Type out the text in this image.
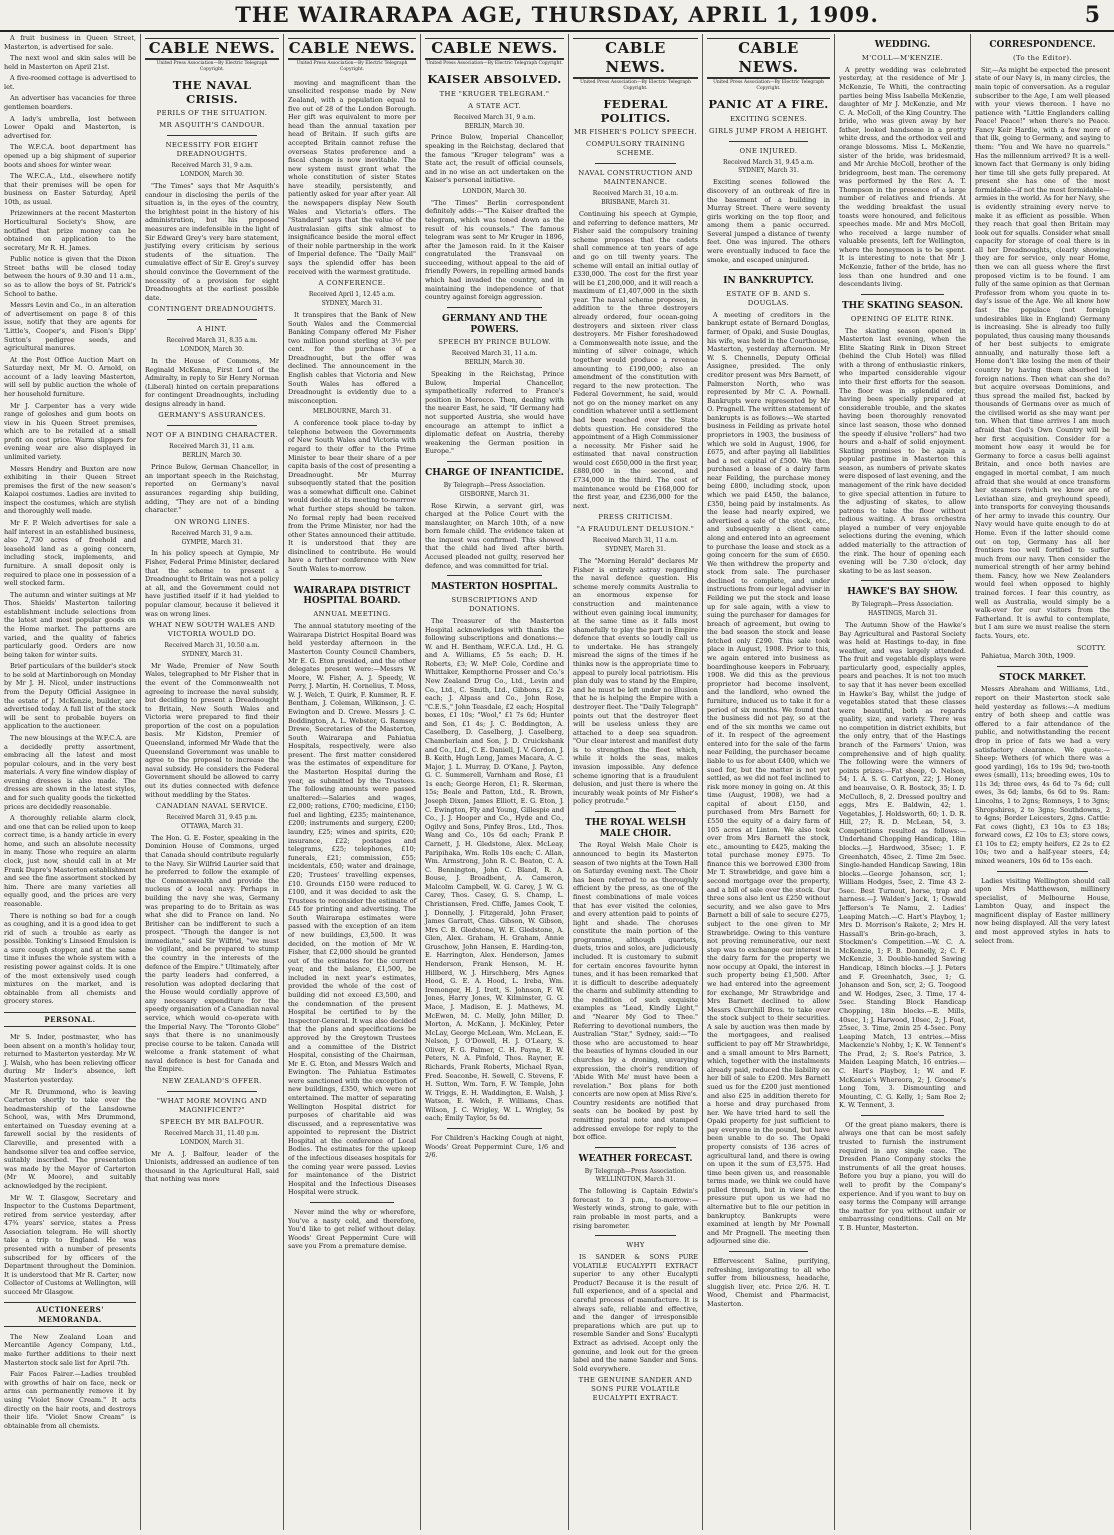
THE WAIRARAPA AGE, THURSDAY, APRIL 1, 1909.	5

A fruit business in Queen Street, Masterton, is advertised for sale.

The next wool and skin sales will be held in Masterton on April 21st.

A five-roomed cottage is advertised to let.

An advertiser has vacancies for three gentlemen boarders.

A lady's umbrella, lost between Lower Opaki and Masterton, is advertised for.

The W.F.C.A. boot department has opened up a big shipment of superior boots and shoes for winter wear.

The W.F.C.A., Ltd., elsewhere notify that their premises will be open for business on Easter Saturday, April 10th, as usual.

Prizewinners at the recent Masterton Horticultural Society's Show, are notified that prize money can be obtained on application to the secretary, Mr R. H. James.

Public notice is given that the Dixon Street baths will be closed today between the hours of 9.30 and 11 a.m., so as to allow the boys of St. Patrick's School to bathe.

Messrs Levin and Co., in an alteration of advertisement on page 8 of this issue, notify that they are agents for 'Little's, Cooper's, and Fison's Dipp' Sutton's pedigree seeds, and agricultural manures.

At the Post Office Auction Mart on Saturday next, Mr M. O. Arnold, on account of a lady leaving Masterton, will sell by public auction the whole of her household furniture.

Mr J. Carpenter has a very wide range of goloshes and gum boots on view in his Queen Street premises, which are to be retailed at a small profit on cost price. Warm slippers for evening wear are also displayed in unlimited variety.

Messrs Hendry and Buxton are now exhibiting in their Queen Street premises the first of the new season's Kaiapoi costumes. Ladies are invited to inspect the costumes, which are stylish and thoroughly well made.

Mr F. P. Welch advertises for sale a half interest in an established business, also 2,730 acres of freehold and leasehold land as a going concern, including stock, implements, and furniture. A small deposit only is required to place one in possession of a well stocked farm.

The autumn and winter suitings at Mr Thos. Shields' Masterton tailoring establishment include selections from the latest and most popular goods on the Home market. The patterns are varied, and the quality of fabrics particularly good. Orders are now being taken for winter suits.

Brief particulars of the builder's stock to be sold at Martinborough on Monday by Mr J. H. Nicol, under instructions from the Deputy Official Assignee in the estate of J. McKenzie, builder, are advertised today. A full list of the stock will be sent to probable buyers on application to the auctioneer.

The new blousings at the W.F.C.A. are a decidedly pretty assortment, embracing all the latest and most popular colours, and in the very best materials. A very fine window display of evening dresses is also made. The dresses are shown in the latest styles, and for such quality goods the ticketted prices are decidedly reasonable.

A thoroughly reliable alarm clock, and one that can be relied upon to keep correct time, is a handy article in every home, and such an absolute necessity in many. Those who require an alarm clock, just now, should call in at Mr Frank Dupre's Masterton establishment and see the fine assortment stocked by him. There are many varieties all equally good, and the prices are very reasonable.

There is nothing so bad for a cough as coughing, and it is a good idea to get rid of such a trouble as early as possible. Tonking's Linseed Emulsion is a sure cough stopper, and at the same time it infuses the whole system with a resisting power against colds. It is one of the most extensively used cough mixtures on the market, and is obtainable from all chemists and grocery stores.

PERSONAL.

Mr S. Inder, postmaster, who has been absent on a month's holiday tour, returned to Masterton yesterday. Mr W. J. Walsh, who has been relieving officer during Mr Inder's absence, left Masterton yesterday.

Mr R. Drummond, who is leaving Carterton shortly to take over the headmastership of the Lansdowne School, was, with Mrs Drummond, entertained on Tuesday evening at a farewell social by the residents of Clareville, and presented with a handsome silver tea and coffee service, suitably inscribed. The presentation was made by the Mayor of Carterton (Mr W. Moore), and suitably acknowledged by the recipient.

Mr W. T. Glasgow, Secretary and Inspector to the Customs Department, retired from service yesterday, after 47¾ years' service, states a Press Association telegram. He will shortly take a trip to England. He was presented with a number of presents subscribed for by officers of the Department throughout the Dominion. It is understood that Mr R. Carter, now Collector of Customs at Wellington, will succeed Mr Glasgow.

AUCTIONEERS' MEMORANDA.

The New Zealand Loan and Mercantile Agency Company, Ltd., make further additions to their next Masterton stock sale list for April 7th.

Fair Faces Fairer.—Ladies troubled with growths of hair on face, neck or arms can permanently remove it by using "Violet Snow Cream." It acts directly on the hair roots, and destroys their life. "Violet Snow Cream" is obtainable from all chemists.

CABLE NEWS.
United Press Association—By Electric Telegraph Copyright.
THE NAVAL CRISIS.
PERILS OF THE SITUATION.
MR ASQUITH'S CANDOUR.
NECESSITY FOR EIGHT DREADNOUGHTS.
Received March 31, 9 a.m.
LONDON, March 30.

"The Times" says that Mr Asquith's candour in disclosing the perils of the situation is, in the eyes of the country, the brightest point in the history of his administration, but his proposed measures are indefensible in the light of Sir Edward Grey's very bare statement, justifying every criticism by serious students of the situation. The cumulative effect of Sir E. Grey's survey should convince the Government of the necessity of a provision for eight Dreadnoughts at the earliest possible date.

CONTINGENT DREADNOUGHTS.
A HINT.
Received March 31, 8.35 a.m.
LONDON, March 30.

In the House of Commons, Mr Reginald McKenna, First Lord of the Admiralty, in reply to Sir Henry Norman (Liberal) hinted on certain preparations for contingent Dreadnoughts, including designs already in hand.

GERMANY'S ASSURANCES.
NOT OF A BINDING CHARACTER.
Received March 31, 11 a.m.
BERLIN, March 30.

Prince Bulow, German Chancellor, in an important speech in the Reichstag, reported on Germany's naval assurances regarding ship building, adding, "They are not of a binding character."

ON WRONG LINES.
Received March 31, 9 a.m.
GYMPIE, March 31.

In his policy speech at Gympie, Mr Fisher, Federal Prime Minister, declared that the scheme to present a Dreadnought to Britain was not a policy at all, and the Government could not have justified itself if it had yielded to popular clamour, because it believed it was on wrong lines.

WHAT NEW SOUTH WALES AND VICTORIA WOULD DO.
Received March 31, 10.50 a.m.
SYDNEY, March 31.

Mr Wade, Premier of New South Wales, telegraphed to Mr Fisher that in the event of the Commonwealth not agreeing to increase the naval subsidy, but deciding to present a Dreadnought to Britain, New South Wales and Victoria were prepared to find their proportion of the cost on a population basis. Mr Kidston, Premier of Queensland, informed Mr Wade that the Queensland Government was unable to agree to the proposal to increase the naval subsidy. He considers the Federal Government should be allowed to carry out its duties connected with defence without meddling by the States.

CANADIAN NAVAL SERVICE.
Received March 31, 9.45 p.m.
OTTAWA, March 31.

The Hon. G. E. Foster, speaking in the Dominion House of Commons, urged that Canada should contribute regularly to the Navy. Sir Wilfrid Laurier said that he preferred to follow the example of the Commonwealth and provide the nucleus of a local navy. Perhaps in building the navy she was, Germany was preparing to do to Britain as was what she did to France on land. No Britisher can be indifferent to such a prospect. "Though the danger is not immediate," said Sir Wilfrid, "we must be vigilant, and be prepared to stump the country in the interests of the defence of the Empire." Ultimately, after the party leaders had conferred, a resolution was adopted declaring that the House would cordially approve of any necessary expenditure for the speedy organisation of a Canadian naval service, which would co-operate with the Imperial Navy. The "Toronto Globe" says that there is no unanimously precise course to be taken. Canada will welcome a frank statement of what naval defence is best for Canada and the Empire.

NEW ZEALAND'S OFFER.
"WHAT MORE MOVING AND MAGNIFICENT?"
SPEECH BY MR BALFOUR.
Received March 31, 11.40 p.m.
LONDON, March 31.

Mr A. J. Balfour, leader of the Unionists, addressed an audience of ten thousand in the Agricultural Hall, said that nothing was more

CABLE NEWS.
United Press Association—By Electric Telegraph Copyright.

moving and magnificent than the unsolicited response made by New Zealand, with a population equal to five out of 28 of the London Borough. Her gift was equivalent to more per head than the annual taxation per head of Britain. If such gifts are accepted Britain cannot refuse the overseas States preference and a fiscal change is now inevitable. The new system must grant what the whole constitution of sister States have steadily, persistently, and patiently asked for year after year. All the newspapers display New South Wales and Victoria's offers. The "Standard" says that the value of the Australasian gifts sink almost to insignificance beside the moral effect of their noble partnership in the work of Imperial defence. The "Daily Mail" says the splendid offer has been received with the warmest gratitude.

A CONFERENCE.
Received April 1, 12.45 a.m.
SYDNEY, March 31.

It transpires that the Bank of New South Wales and the Commercial Banking Company offered Mr Fisher two million pound sterling at 3½ per cent. for the purchase of a Dreadnought, but the offer was declined. The announcement in the English cables that Victoria and New South Wales has offered a Dreadnought is evidently due to a misconception.

MELBOURNE, March 31.

A conference took place to-day by telephone between the Governments of New South Wales and Victoria with regard to their offer to the Prime Minister to bear their share of a per capita basis of the cost of presenting a Dreadnought. Mr Murray subsequently stated that the position was a somewhat difficult one. Cabinet would decide at its meeting to-morrow what further steps should be taken. No formal reply had been received from the Prime Minister, nor had the other States announced their attitude. It is understood that they are disinclined to contribute. He would have a further conference with New South Wales to-morrow.

WAIRARAPA DISTRICT HOSPITAL BOARD.
ANNUAL MEETING.

The annual statutory meeting of the Wairarapa District Hospital Board was held yesterday afternoon in the Masterton County Council Chambers, Mr E. G. Eton presided, and the other delegates present were:—Messrs W. Moore, W. Fisher, A. J. Speedy, W. Perry, J. Martin, H. Cornelius, T. Moss, W. J. Welch, T. Quirk, F. Kummer, R. F. Bentham, J. Coleman, Wilkinson, J. C. Ewington and D. Crewe. Messrs J. C. Boddington, A. L. Webster, G. Ramsey Drewe, Secretaries of the Masterton, South Wairarapa and Pahiatua Hospitals, respectively, were also present. The first matter considered was the estimates of expenditure for the Masterton Hospital during the year, as submitted by the Trustees. The following amounts were passed unaltered:—Salaries and wages, £2,000; rations, £700; medicine, £150; fuel and lighting, £235; maintenance, £200; instruments and surgery, £200; laundry, £25; wines and spirits, £20; insurance, £22; postages and telegrams, £25; telephones, £10; funerals, £21; commission, £55; incidentals, £50; water and drainage, £20; Trustees' travelling expenses, £10. Grounds £150 were reduced to £100, and it was decided to ask the Trustees to reconsider the estimate of £45 for printing and advertising. The South Wairarapa estimates were passed with the exception of an item of new buildings, £3,500. It was decided, on the motion of Mr W. Fisher, that £2,000 should be granted out of the estimates for the current year, and the balance, £1,500, be included in next year's estimates, provided the whole of the cost of building did not exceed £3,500, and the condemnation of the present Hospital be certified to by the Inspector-General. It was also decided that the plans and specifications be approved by the Greytown Trustees and a committee of the District Hospital, consisting of the Chairman, Mr E. G. Eton, and Messrs Welch and Ewington. The Pahiatua Estimates were sanctioned with the exception of new buildings, £350, which were not entertained. The matter of separating Wellington Hospital district for purposes of charitable aid was discussed, and a representative was appointed to represent the District Hospital at the conference of Local Bodies. The estimates for the upkeep of the infectious diseases hospitals for the coming year were passed. Levies for maintenance of the District Hospital and the Infectious Diseases Hospital were struck.

Never mind the why or wherefore, You've a nasty cold, and therefore, You'd like to get relief without delay. Woods' Great Peppermint Cure will save you From a premature demise.

CABLE NEWS.
United Press Association—By Electric Telegraph Copyright.
KAISER ABSOLVED.
THE "KRUGER TELEGRAM."
A STATE ACT.
Received March 31, 9 a.m.
BERLIN, March 30.

Prince Bulow, Imperial Chancellor, speaking in the Reichstag, declared that the famous "Kruger telegram" was a State act, the result of official counsels, and in no wise an act undertaken on the Kaiser's personal initiative.

LONDON, March 30.

"The Times" Berlin correspondent definitely adds:—"The Kaiser drafted the telegram, which was toned down as the result of his counsels." The famous telegram was sent to Mr Kruger in 1896, after the Jameson raid. In it the Kaiser congratulated the Transvaal on succeeding, without appeal to the aid of friendly Powers, in repelling armed bands which had invaded the country, and in maintaining the independence of that country against foreign aggression.

GERMANY AND THE POWERS.
SPEECH BY PRINCE BULOW.
Received March 31, 11 a.m.
BERLIN, March 30.

Speaking in the Reichstag, Prince Bulow, Imperial Chancellor, sympathetically referred to France's position in Morocco. Then, dealing with the nearer East, he said, "If Germany had not supported Austria, she would have encourage an attempt to inflict a diplomatic defeat on Austria, thereby weakening the German position in Europe."

CHARGE OF INFANTICIDE.
By Telegraph—Press Association.
GISBORNE, March 31.

Rose Kirwin, a servant girl, was charged at the Police Court with the manslaughter, on March 10th, of a new born female child. The evidence taken at the inquest was confirmed. This showed that the child had lived after birth. Accused pleaded not guilty, reserved her defence, and was committed for trial.

MASTERTON HOSPITAL.
SUBSCRIPTIONS AND DONATIONS.

The Treasurer of the Masterton Hospital acknowledges with thanks the following subscriptions and donations:—W. and H. Bentham, W.F.C.A. Ltd., H. G. and A. Williams, £5 5s each; D. H. Roberts, £3; W. MeP. Cole, Cordine and Whittaker, Kempthorne Prosser and Co.'s New Zealand Drug Co., Ltd., Levin and Co., Ltd., C. Smith, Ltd., Gibbons, £2 2s each; J. Alpass and Co., John Rose, "C.E.S.," John Teasdale, £2 each; Hospital boxes, £1 10s; "Wool," £1 7s 6d; Hunter and Son, £1 4s; J. C. Boddington, A. Caselberg, D. Caselberg, J. Caselberg, Chamberlain and Son, J. D. Cruickshank and Co., Ltd., C. E. Daniell, J. V. Gordon, J. B. Keith, Hugh Long, James Macara, A. C. Major, J. L. Murray, D. O'Kane, J. Payton, G. C. Summerell, Varnham and Rose, £1 1s each; George Heron, £1; R. Skerman, 15s; Beale and Patton, Ltd., R. Brown, Joseph Dixon, James Elliott, E. G. Eton, J. C. Ewington, Fly and Young, Gillespie and Co., J. J. Hooper and Co., Hyde and Co., Ogilvy and Sons, Pinfey Bros., Ltd., Thos. Wang and Co., 10s 6d each; Frank P. Carnett, J. H. Gledstone, Alex. McLeay, Paripihaka, Wm. Rolls 10s each; C. Allan, Wm. Armstrong, John R. C. Beaton, C. A. C. Bennington, John C. Bland, R. A. Bouse, J. Broadbent, A. Cameron, Malcolm Campbell, W. G. Carey, J. W. G. Carey, Thos. Casey, G. S. Champ, L. Christiansen, Fred. Cliffe, James Cook, T. J. Donnelly, J. Fitzgerald, John Fraser, James Garratt, Chas. Gibson, W. Gibson, Mrs C. B. Gledstone, W. E. Gledstone, A. Glen, Alex. Graham, H. Graham, Annie Gruschow, John Hansen, E. Harding-ton, E. Harrington, Alex. Henderson, James Henderson, Frank Henson, M. H. Hillberd, W. J. Hirschberg, Mrs Agnes Hood, G. E. A. Hood, L. Ireba, Wm. Iremonger, H. J. Irett, S. Johnson, F. W. Jones, Harry Jones, W. Kilminster, G. G. Mace, J. Madison, E. J. Mathews, M. McEwen, M. C. Melly, John Miller, D. Morton, A. McKann, J. McKinley, Peter McLay, George McLean, Wm. McLean, E. Nelson, J. O'Dowell, H. J. O'Leary, S. Oliver, F. G. Palmer, C. H. Payne, E. W. Peters, N. A. Pinfold, Thos. Rayner, E. Richards, Frank Roberts, Michael Ryan, Fred. Seaconbe, H. Sewell, C. Stevens, F. H. Sutton, Wm. Tarn, F. W. Temple, John W. Triggs, E. H. Waddington, E. Walsh, J. Watson, E. Welch, F. Williams, Chas. Wilson, J. C. Wrigley, W. L. Wrigley, 5s each; Emily Taylor, 5s 6d.

For Children's Hacking Cough at night, Woods' Great Peppermint Cure, 1/6 and 2/6.

CABLE NEWS.
United Press Association—By Electric Telegraph Copyright.
FEDERAL POLITICS.
MR FISHER'S POLICY SPEECH.
COMPULSORY TRAINING SCHEME.
NAVAL CONSTRUCTION AND MAINTENANCE.
Received March 31, 10 a.m.
BRISBANE, March 31.

Continuing his speech at Gympie, and referring to defence matters, Mr Fisher said the compulsory training scheme proposes that the cadets shall commence at ten years of age and go on till twenty years. The scheme will entail an initial outlay of £330,000. The cost for the first year will be £1,200,000, and it will reach a maximum of £1,407,000 in the sixth year. The naval scheme proposes, in addition to the three destroyers already ordered, four ocean-going destroyers and sixteen river class destroyers. Mr Fisher foreshadowed a Commonwealth note issue, and the minting of silver coinage, which together would produce a revenue amounting to £190,000; also an amendment of the constitution with regard to the new protection. The Federal Government, he said, would not go on the money market on any condition whatever until a settlement had been reached over the State debts question. He considered the appointment of a High Commissioner a necessity. Mr Fisher said he estimated that naval construction would cost £650,000 in the first year, £880,000 in the second, and £734,000 in the third. The cost of maintenance would be £168,000 for the first year, and £236,000 for the next.

PRESS CRITICISM.
"A FRAUDULENT DELUSION."
Received March 31, 11 a.m.
SYDNEY, March 31.

The "Morning Herald" declares Mr Fisher is entirely astray regarding the naval defence question. His scheme merely commits Australia to an enormous expense for construction and maintenance without even gaining local immunity, at the same time as it falls most shamefully to play the part in Empire defence that events so loudly call us to undertake. He has strangely misread the signs of the times if he thinks now is the appropriate time to appeal to purely local patriotism. His plan duly was to stand by the Empire, and he must be left under no illusion that he is helping the Empire with a destroyer fleet. The "Daily Telegraph" points out that the destroyer fleet will be useless unless they are attached to a deep sea squadron. "Our clear interest and manifest duty is to strengthen the fleet which, while it holds the seas, makes invasion impossible. Any defence scheme ignoring that is a fraudulent delusion, and just there is where the incurably weak points of Mr Fisher's policy protrude."

THE ROYAL WELSH MALE CHOIR.

The Royal Welsh Male Choir is announced to begin its Masterton season of two nights at the Town Hall on Saturday evening next. The Choir has been referred to as thoroughly efficient by the press, as one of the finest combinations of male voices that has ever visited the colonies, and every attention paid to points of light and shade. The choruses constitute the main portion of the programme, although quartets, duets, trios and solos, are judiciously included. It is customary to submit for certain encores favourite hymn tunes, and it has been remarked that it is difficult to describe adequately the charm and sublimity attending to the rendition of such exquisite examples as "Lead, Kindly Light," and "Nearer My God to Thee." Referring to devotional numbers, the Australian "Star," Sydney, said:—"To those who are accustomed to hear the beauties of hymns clouded in our churches by a droning, unvarying expression, the choir's rendition of 'Abide With Me' must have been a revelation." Box plans for both concerts are now open at Miss Rive's. Country residents are notified that seats can be booked by post by remitting postal note and stamped addressed envelope for reply to the box office.

WEATHER FORECAST.
By Telegraph—Press Association.
WELLINGTON, March 31.

The following is Captain Edwin's forecast to 3 p.m., to-morrow:—Westerly winds, strong to gale, with rain probable in most parts, and a rising barometer.

WHY

IS SANDER & SONS PURE VOLATILE EUCALYPTI EXTRACT superior to any other Eucalypti Product? Because it is the result of full experience, and of a special and careful process of manufacture. It is always safe, reliable and effective, and the danger of irresponsible preparations which are put up to resemble Sander and Sons' Eucalypti Extract as advised. Accept only the genuine, and look out for the green label and the name Sander and Sons. Sold everywhere.

THE GENUINE SANDER AND SONS PURE VOLATILE EUCALYPTI EXTRACT.
CABLE NEWS.
United Press Association—By Electric Telegraph Copyright.
PANIC AT A FIRE.
EXCITING SCENES.
GIRLS JUMP FROM A HEIGHT.
ONE INJURED.
Received March 31, 9.45 a.m.
SYDNEY, March 31.

Exciting scenes followed the discovery of an outbreak of fire in the basement of a building in Murray Street. There were seventy girls working on the top floor, and among them a panic occurred. Several jumped a distance of twenty feet. One was injured. The others were eventually induced to face the smoke, and escaped uninjured.

IN BANKRUPTCY.
ESTATE OF B. AND S. DOUGLAS.

A meeting of creditors in the bankrupt estate of Bernard Douglas, farmer, of Opaki, and Susie Douglas, his wife, was held in the Courthouse, Masterton, yesterday afternoon. Mr W. S. Chennells, Deputy Official Assignee, presided. The only creditor present was Mrs Barnett, of Palmerston North, who was represented by Mr C. A. Pownall. Bankrupts were represented by Mr O. Pragnell. The written statement of bankrupts is as follows:—We started business in Feilding as private hotel proprietors in 1903, the business of which we sold in August, 1906, for £675, and after paying all liabilities had a net capital of £500. We then purchased a lease of a dairy farm near Feilding, the purchase money being £800, including stock, upon which we paid £450, the balance, £350, being paid by instalments. As the lease had nearly expired, we advertised a sale of the stock, etc., and subsequently a client came along and entered into an agreement to purchase the lease and stock as a going concern for the sum of £650. We then withdrew the property and stock from sale. The purchaser declined to complete, and under instructions from our legal adviser in Feilding we put the stock and lease up for sale again, with a view to suing the purchaser for damages for breach of agreement, but owing to the bad season the stock and lease fetched only £290. This sale took place in August, 1908. Prior to this, we again entered into business as boardinghouse keepers in February, 1908. We did this as the previous proprietor had become insolvent, and the landlord, who owned the furniture, induced us to take it for a period of six months. We found that the business did not pay, so at the end of the six months we came out of it. In respect of the agreement entered into for the sale of the farm near Feilding, the purchaser became liable to us for about £400, which we sued for, but the matter is not yet settled, as we did not feel inclined to risk more money in going on. At this time (August, 1908), we had a capital of about £150, and purchased from Mrs Barnett for £550 the equity of a dairy farm of 105 acres at Linton. We also took over from Mrs Barnett the stock, etc., amounting to £425, making the total purchase money £975. To finance this we borrowed £300 from Mr T. Strawbridge, and gave him a second mortgage over the property, and a bill of sale over the stock. Our three sons also lent us £250 without security, and we also gave to Mrs Barnett a bill of sale to secure £275, subject to the one given to Mr Strawbridge. Owing to this venture not proving remunerative, our next step was to exchange our interest in the dairy farm for the property we now occupy at Opaki, the interest in such property being £1,500. After we had entered into the agreement for exchange, Mr Strawbridge and Mrs Barnett declined to allow Messrs Churchill Bros. to take over the stock subject to their securities. A sale by auction was then made by the mortgagees, and realised sufficient to pay off Mr Strawbridge, and a small amount to Mrs Barnett, which, together with the instalments already paid, reduced the liability on her bill of sale to £200. Mrs Barnett sued us for the £200 just mentioned and also £25 in addition thereto for a horse and dray purchased from her. We have tried hard to sell the Opaki property for just sufficient to pay everyone in the pound, but have been unable to do so. The Opaki property consists of 136 acres of agricultural land, and there is owing on upon it the sum of £3,575. Had time been given us, and reasonable terms made, we think we could have pulled through, but in view of the pressure put upon us we had no alternative but to file our petition in bankruptcy. Bankrupts were examined at length by Mr Pownall and Mr Pragnell. The meeting then adjourned sine die.

Effervescent Saline, purifying, refreshing, invigorating to all who suffer from biliousness, headache, sluggish liver, etc. Price 2/6. H. T. Wood, Chemist and Pharmacist, Masterton.

WEDDING.
M'COLL—M'KENZIE.

A pretty wedding was celebrated yesterday, at the residence of Mr J. McKenzie, Te Whiti, the contracting parties being Miss Isabella McKenzie, daughter of Mr J. McKenzie, and Mr C. A. McColl, of the King Country. The bride, who was given away by her father, looked handsome in a pretty white dress, and the orthodox veil and orange blossoms. Miss L. McKenzie, sister of the bride, was bridesmaid, and Mr Archie McColl, brother of the bridegroom, best man. The ceremony was performed by the Rev. A. T. Thompson in the presence of a large number of relatives and friends. At the wedding breakfast the usual toasts were honoured, and felicitous speeches made. Mr and Mrs McColl, who received a large number of valuable presents, left for Wellington, where the honeymoon is to be spent. It is interesting to note that Mr J. McKenzie, father of the bride, has no less than one hundred and one descendants living.

THE SKATING SEASON.
OPENING OF ELITE RINK.

The skating season opened in Masterton last evening, when the Elite Skating Rink in Dixon Street (behind the Club Hotel) was filled with a throng of enthusiastic rinkers, who imparted considerable vigour into their first efforts for the season. The floor was in splendid order, having been specially prepared at considerable trouble, and the skates having been thoroughly renovated since last season, those who donned the speedy if elusive "rollers" had two hours and a-half of solid enjoyment. Skating promises to be again a popular pastime in Masterton this season, as numbers of private skates were disposed of last evening, and the management of the rink have decided to give special attention in future to the adjusting of skates, to allow patrons to take the floor without tedious waiting. A brass orchestra played a number of very enjoyable selections during the evening, which added materially to the attraction of the rink. The hour of opening each evening will be 7.30 o'clock, day skating to be as last season.

HAWKE'S BAY SHOW.
By Telegraph—Press Association.
HASTINGS, March 31.

The Autumn Show of the Hawke's Bay Agricultural and Pastoral Society was held at Hastings to-day, in fine weather, and was largely attended. The fruit and vegetable displays were particularly good, especially apples, pears and peaches. It is not too much to say that it has never been excelled in Hawke's Bay, whilst the judge of vegetables stated that these classes were beautiful, both as regards quality, size, and variety. There was no competition in district exhibits, but the only entry, that of the Hastings branch of the Farmers' Union, was comprehensive and of high quality. The following were the winners of points prizes:—Fat sheep, O. Nelson, 54; I. A. S. G. Carlyon, 22; J. Honey and beauvaise, O. R. Bostock, 35; I. D. McCulloch, 8, 2. Dressed poultry and eggs, Mrs E. Baldwin, 42; 1. Vegetables, J. Holdsworth, 60; 1. D. R. Hill, 27; R. D. McLean, 54, 3. Competitions resulted as follows:—Underhand Chopping Handicap, 18in blocks.—J. Hardwood, 35sec; 1. F. Greenhatch, 45sec, 2. Time 2m 5sec. Single-handed Handicap Sawing, 18in blocks.—George Johanson, scr, 1; William Hodges, 5sec, 2. Time 43 2-5sec. Best Turnout, horse, trap and harness.—J. Walden's Jack, 1; Oswald Jefferson's Te Namu, 2. Ladies' Leaping Match.—C. Hart's Playboy, 1; Mrs D. Morrison's Rakete, 2; Mrs H. Hassall's Brin-go-brach, 3. Stockmen's Competition.—W. C. A. McKenzie, 1; F. B. Donnelly, 2; C. F. McKenzie, 3. Double-handed Sawing Handicap, 18inch blocks.—J. J. Peters and F. Greenhatch, 3sec, 1; G. Johanson and Son, scr, 2; G. Toogood and W. Hodges, 2sec, 3. Time, 17 4-5sec. Standing Block Handicap Chopping, 18in blocks.—E. Mills, 40sec, 1; J. Harwood, 10sec, 2; J. Foat, 25sec, 3. Time, 2min 25 4-5sec. Pony Leaping Match, 13 entries.—Miss Mackenzie's Nobby, 1; K. W. Tennent's The Prad, 2; S. Roe's Patrice, 3. Maiden Leaping Match, 16 entries.—C. Hart's Playboy, 1; W. and F. McKenzie's Whereora, 2; J. Groome's Long Tom, 3. Dismounting and Mounting, C. G. Kelly, 1; Sam Roe 2; K. W. Tennent, 3.

Of the great piano makers, there is always one that can be most safely trusted to furnish the instrument required in any single case. The Dresden Piano Company stocks the instruments of all the great houses. Before you buy a piano, you will do well to profit by the Company's experience. And if you want to buy on easy terms the Company will arrange the matter for you without unfair or embarrassing conditions. Call on Mr T. B. Hunter, Masterton.

CORRESPONDENCE.
(To the Editor).

Sir,—As might be expected the present state of our Navy is, in many circles, the main topic of conversation. As a regular subscriber to the Age, I am well pleased with your views thereon. I have no patience with "Little Englanders calling Peace! Peace!" when there's no Peace. Fancy Keir Hardie, with a few more of that ilk, going to Germany, and saying to them: "You and We have no quarrels." Has the millennium arrived? It is a well-known fact that Germany is only biding her time till she gets fully prepared. At present she has one of the most formidable—if not the most formidable—armies in the world. As for her Navy, she is evidently straining every nerve to make it as efficient as possible. When they reach that goal then Britain may look out for squalls. Consider what small capacity for storage of coal there is in all her Dreadnoughts, clearly showing they are for service, only near Home, then we can all guess where the first proposed victim is to be found. I am fully of the same opinion as that German Professor from whom you quote in to-day's issue of the Age. We all know how fast the populace (not foreign undesirables like in England) Germany is increasing. She is already too fully populated, thus causing many thousands of her best subjects to emigrate annually, and naturally those left a Home don't like losing the men of their country by having them absorbed in foreign nations. Then what can she do? but acquire overseas Dominions, and thus spread the mailed fist, backed by thousands of Germans over as much of the civilised world as she may want per ton. When that time arrives I am much afraid that God's Own Country will be her first acquisition. Consider for a moment how easy it would be for Germany to force a casus belli against Britain, and once both navies are engaged in mortal combat, I am much afraid that she would at once transform her steamers (which we know are of Leviathan size, and greyhound speed), into transports for conveying thousands of her army to invade this country. Our Navy would have quite enough to do at Home. Even if the latter should come out on top, Germany has all her frontiers too well fortified to suffer much from our navy. Then consider the numerical strength of her army behind them. Fancy, how we New Zealanders would feel when opposed to highly trained forces. I fear this country, as well as Australia, would simply be a walk-over for our visitors from the Fatherland. It is awful to contemplate, but I am sure we must realise the stern facts. Yours, etc.

SCOTTY.

Pahiatua, March 30th, 1909.

STOCK MARKET.

Messrs Abraham and Williams, Ltd., report on their Masterton stock sale held yesterday as follows:—A medium entry of both sheep and cattle was offered to a fair attendance of the public, and notwithstanding the recent drop in price of fats we had a very satisfactory clearance. We quote:—Sheep: Wethers (of which there was a good yarding), 16s to 19s 9d; two-tooth ewes (small), 11s; breeding ewes, 10s to 11s 3d; three ews, 4s 6d to 7s 6d; cull ewes, 3s 6d; lambs, 6s 6d to 9s. Ram: Lincolns, 1 to 2gns; Romneys, 1 to 3gns; Shropshires, 2 to 3gns; Southdowns, 2 to 4gns; Border Leicesters, 2gns. Cattle: Fat cows (light), £3 10s to £3 18s; forward cows, £2 10s to £3; store cows, £1 10s to £2; empty heifers, £2 2s to £2 10s; two and a half-year steers, £4; mixed weaners, 10s 6d to 15s each.

Ladies visiting Wellington should call upon Mrs Matthewson, millinery specialist, of Melbourne House, Lambton Quay, and inspect the magnificent display of Easter millinery now being displayed. All the very latest and most approved styles in hats to select from.
